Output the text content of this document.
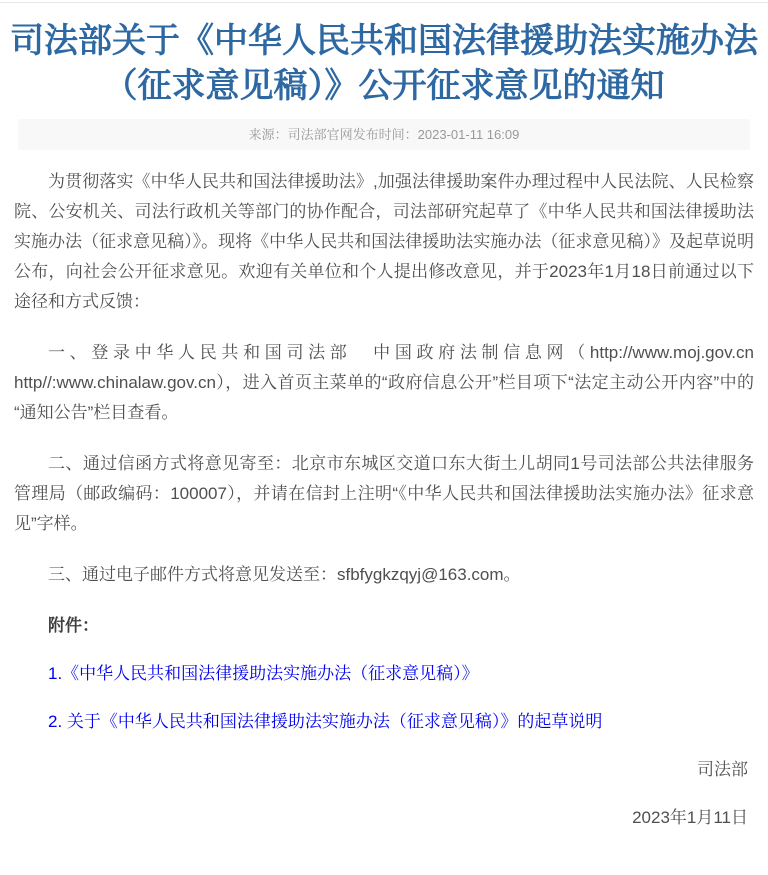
司法部关于《中华人民共和国法律援助法实施办法（征求意见稿）》公开征求意见的通知
来源：司法部官网发布时间：2023-01-11 16:09

为贯彻落实《中华人民共和国法律援助法》,加强法律援助案件办理过程中人民法院、人民检察院、公安机关、司法行政机关等部门的协作配合，司法部研究起草了《中华人民共和国法律援助法实施办法（征求意见稿）》。现将《中华人民共和国法律援助法实施办法（征求意见稿）》及起草说明公布，向社会公开征求意见。欢迎有关单位和个人提出修改意见，并于2023年1月18日前通过以下途径和方式反馈：

一、登录中华人民共和国司法部　中国政府法制信息网（http://www.moj.gov.cn http//:www.chinalaw.gov.cn），进入首页主菜单的“政府信息公开”栏目项下“法定主动公开内容”中的“通知公告”栏目查看。

二、通过信函方式将意见寄至：北京市东城区交道口东大街土儿胡同1号司法部公共法律服务管理局（邮政编码：100007），并请在信封上注明“《中华人民共和国法律援助法实施办法》征求意见”字样。

三、通过电子邮件方式将意见发送至：sfbfygkzqyj@163.com。

附件：

1.《中华人民共和国法律援助法实施办法（征求意见稿）》
2. 关于《中华人民共和国法律援助法实施办法（征求意见稿）》的起草说明

司法部

2023年1月11日
